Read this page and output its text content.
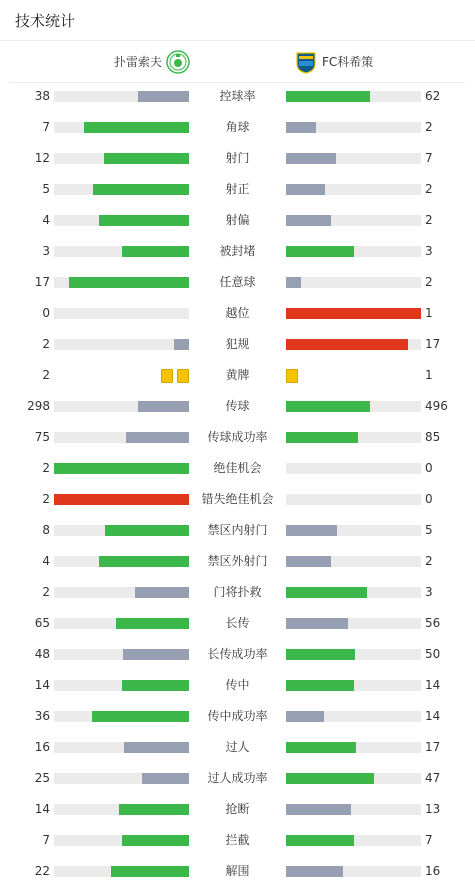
技术统计
扑雷索夫	FC科希策
38	控球率	62
7	角球	2
12	射门	7
5	射正	2
4	射偏	2
3	被封堵	3
17	任意球	2
0	越位	1
2	犯规	17
2	黄牌	1
298	传球	496
75	传球成功率	85
2	绝佳机会	0
2	错失绝佳机会	0
8	禁区内射门	5
4	禁区外射门	2
2	门将扑救	3
65	长传	56
48	长传成功率	50
14	传中	14
36	传中成功率	14
16	过人	17
25	过人成功率	47
14	抢断	13
7	拦截	7
22	解围	16
